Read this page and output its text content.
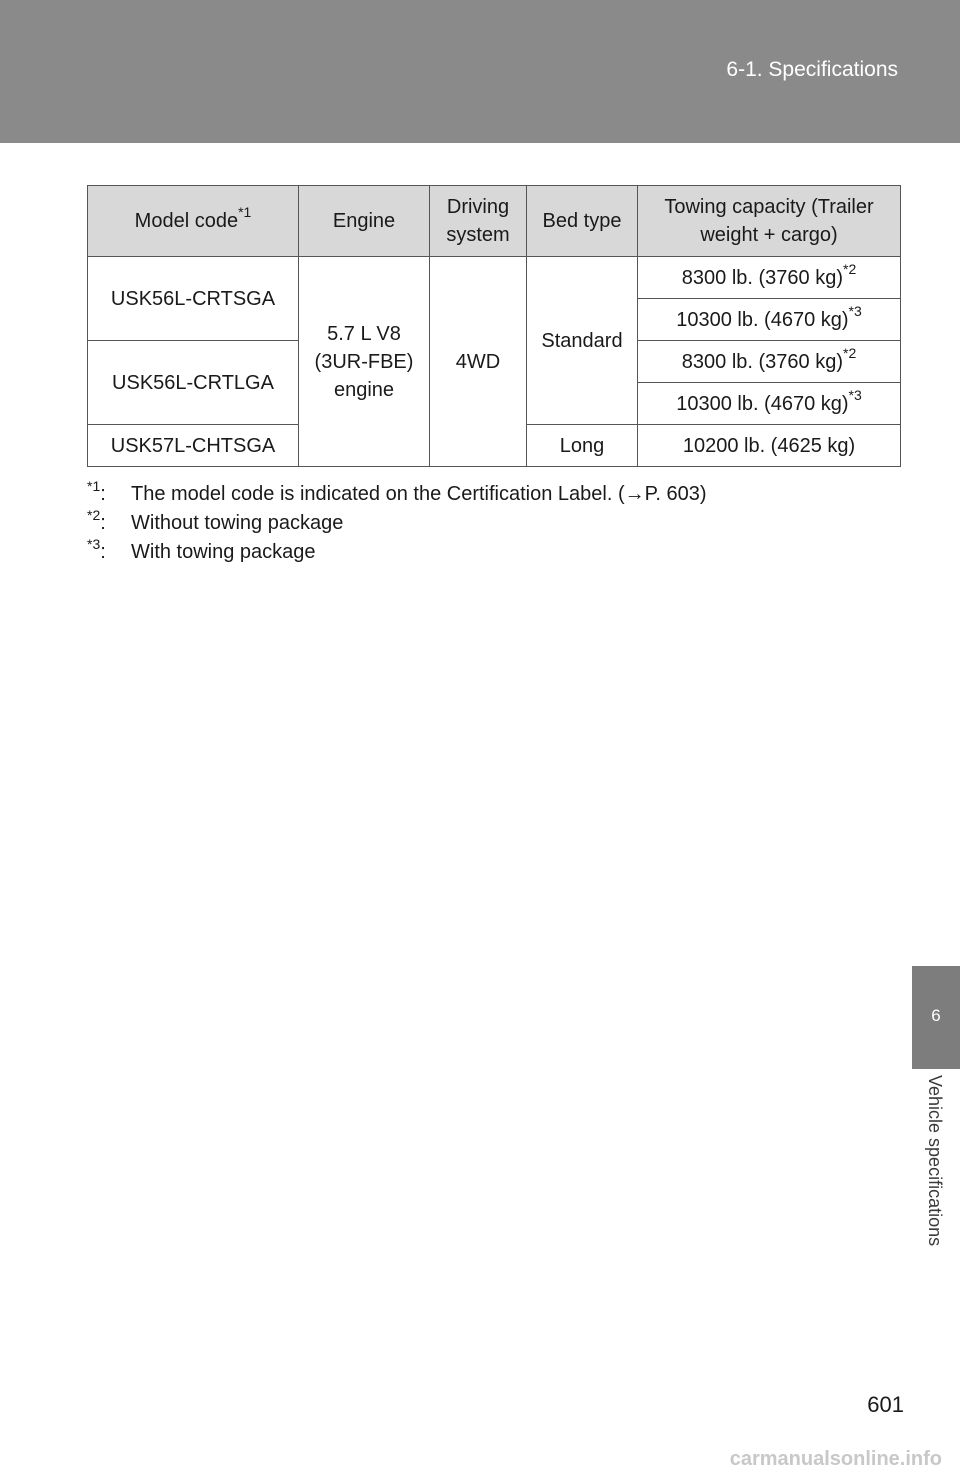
6-1. Specifications
6
Vehicle specifications
Model code$^{*1}$	Engine	Driving system	Bed type	Towing capacity (Trailer weight + cargo)
USK56L-CRTSGA	5.7 L V8 (3UR-FBE) engine	4WD	Standard	8300 lb. (3760 kg)$^{*2}$
				10300 lb. (4670 kg)$^{*3}$
USK56L-CRTLGA				8300 lb. (3760 kg)$^{*2}$
				10300 lb. (4670 kg)$^{*3}$
USK57L-CHTSGA			Long	10200 lb. (4625 kg)
$^{*1}$: The model code is indicated on the Certification Label. (→P. 603)
$^{*2}$: Without towing package
$^{*3}$: With towing package
601
carmanualsonline.info
